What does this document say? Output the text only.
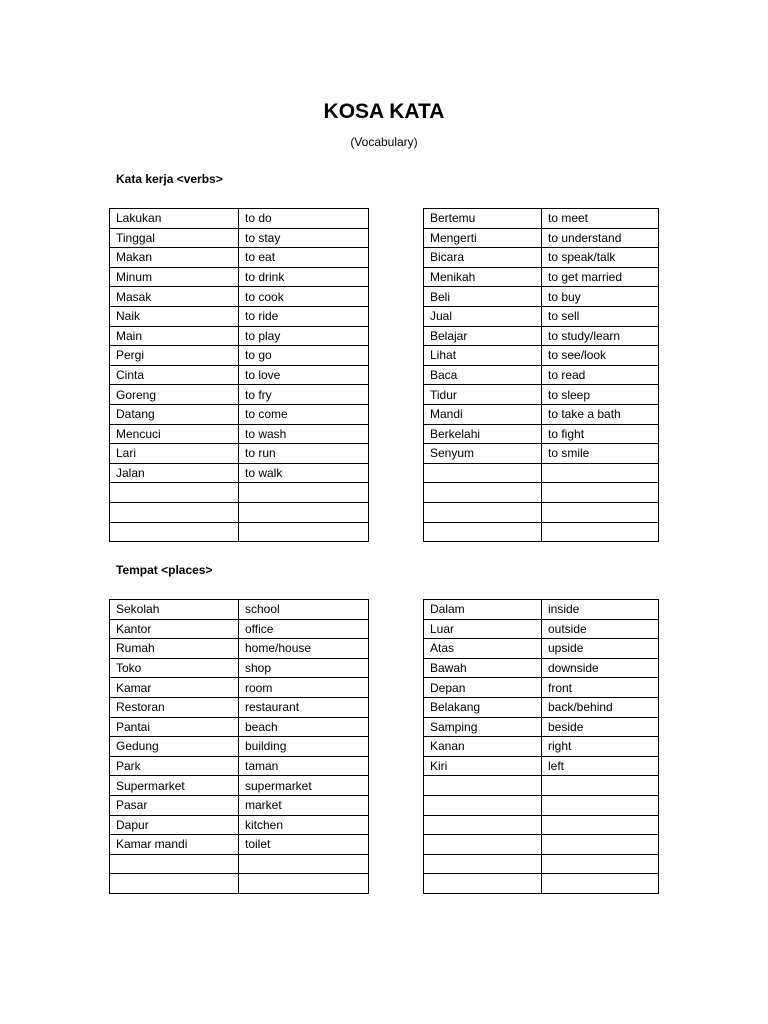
KOSA KATA
(Vocabulary)
Kata kerja <verbs>
Lakukan	to do
Tinggal	to stay
Makan	to eat
Minum	to drink
Masak	to cook
Naik	to ride
Main	to play
Pergi	to go
Cinta	to love
Goreng	to fry
Datang	to come
Mencuci	to wash
Lari	to run
Jalan	to walk

Bertemu	to meet
Mengerti	to understand
Bicara	to speak/talk
Menikah	to get married
Beli	to buy
Jual	to sell
Belajar	to study/learn
Lihat	to see/look
Baca	to read
Tidur	to sleep
Mandi	to take a bath
Berkelahi	to fight
Senyum	to smile

Tempat <places>
Sekolah	school
Kantor	office
Rumah	home/house
Toko	shop
Kamar	room
Restoran	restaurant
Pantai	beach
Gedung	building
Park	taman
Supermarket	supermarket
Pasar	market
Dapur	kitchen
Kamar mandi	toilet

Dalam	inside
Luar	outside
Atas	upside
Bawah	downside
Depan	front
Belakang	back/behind
Samping	beside
Kanan	right
Kiri	left
